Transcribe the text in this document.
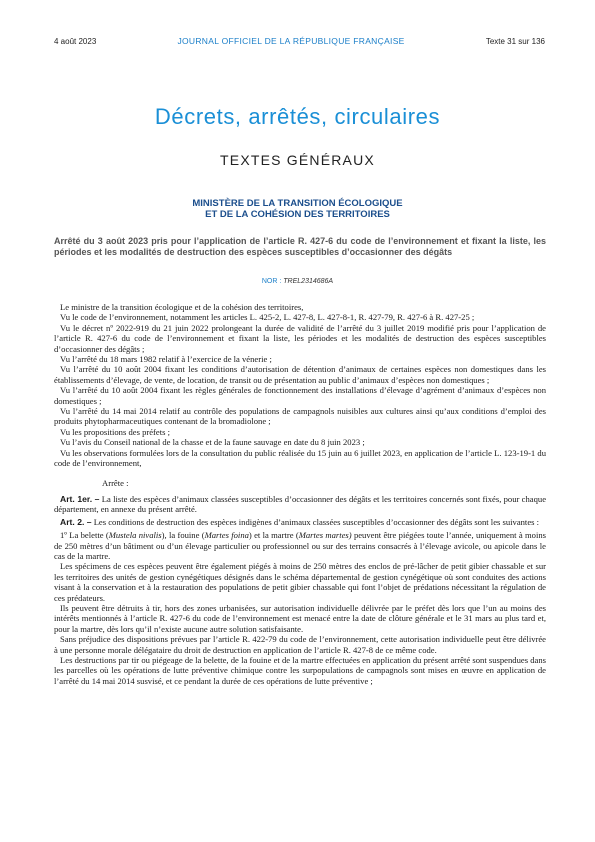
4 août 2023	JOURNAL OFFICIEL DE LA RÉPUBLIQUE FRANÇAISE	Texte 31 sur 136
Décrets, arrêtés, circulaires
TEXTES GÉNÉRAUX
MINISTÈRE DE LA TRANSITION ÉCOLOGIQUE
ET DE LA COHÉSION DES TERRITOIRES
Arrêté du 3 août 2023 pris pour l’application de l’article R. 427-6 du code de l’environnement et fixant la liste, les périodes et les modalités de destruction des espèces susceptibles d’occasionner des dégâts
NOR : TREL2314686A

Le ministre de la transition écologique et de la cohésion des territoires,

Vu le code de l’environnement, notamment les articles L. 425-2, L. 427-8, L. 427-8-1, R. 427-79, R. 427-6 à R. 427-25 ;

Vu le décret nº 2022-919 du 21 juin 2022 prolongeant la durée de validité de l’arrêté du 3 juillet 2019 modifié pris pour l’application de l’article R. 427-6 du code de l’environnement et fixant la liste, les périodes et les modalités de destruction des espèces susceptibles d’occasionner des dégâts ;

Vu l’arrêté du 18 mars 1982 relatif à l’exercice de la vénerie ;

Vu l’arrêté du 10 août 2004 fixant les conditions d’autorisation de détention d’animaux de certaines espèces non domestiques dans les établissements d’élevage, de vente, de location, de transit ou de présentation au public d’animaux d’espèces non domestiques ;

Vu l’arrêté du 10 août 2004 fixant les règles générales de fonctionnement des installations d’élevage d’agrément d’animaux d’espèces non domestiques ;

Vu l’arrêté du 14 mai 2014 relatif au contrôle des populations de campagnols nuisibles aux cultures ainsi qu’aux conditions d’emploi des produits phytopharmaceutiques contenant de la bromadiolone ;

Vu les propositions des préfets ;

Vu l’avis du Conseil national de la chasse et de la faune sauvage en date du 8 juin 2023 ;

Vu les observations formulées lors de la consultation du public réalisée du 15 juin au 6 juillet 2023, en application de l’article L. 123-19-1 du code de l’environnement,

Arrête :

Art. 1er. – La liste des espèces d’animaux classées susceptibles d’occasionner des dégâts et les territoires concernés sont fixés, pour chaque département, en annexe du présent arrêté.

Art. 2. – Les conditions de destruction des espèces indigènes d’animaux classées susceptibles d’occasionner des dégâts sont les suivantes :

1º La belette (Mustela nivalis), la fouine (Martes foina) et la martre (Martes martes) peuvent être piégées toute l’année, uniquement à moins de 250 mètres d’un bâtiment ou d’un élevage particulier ou professionnel ou sur des terrains consacrés à l’élevage avicole, ou apicole dans le cas de la martre.

Les spécimens de ces espèces peuvent être également piégés à moins de 250 mètres des enclos de pré-lâcher de petit gibier chassable et sur les territoires des unités de gestion cynégétiques désignés dans le schéma départemental de gestion cynégétique où sont conduites des actions visant à la conservation et à la restauration des populations de petit gibier chassable qui font l’objet de prédations nécessitant la régulation de ces prédateurs.

Ils peuvent être détruits à tir, hors des zones urbanisées, sur autorisation individuelle délivrée par le préfet dès lors que l’un au moins des intérêts mentionnés à l’article R. 427-6 du code de l’environnement est menacé entre la date de clôture générale et le 31 mars au plus tard et, pour la martre, dès lors qu’il n’existe aucune autre solution satisfaisante.

Sans préjudice des dispositions prévues par l’article R. 422-79 du code de l’environnement, cette autorisation individuelle peut être délivrée à une personne morale délégataire du droit de destruction en application de l’article R. 427-8 de ce même code.

Les destructions par tir ou piégeage de la belette, de la fouine et de la martre effectuées en application du présent arrêté sont suspendues dans les parcelles où les opérations de lutte préventive chimique contre les surpopulations de campagnols sont mises en œuvre en application de l’arrêté du 14 mai 2014 susvisé, et ce pendant la durée de ces opérations de lutte préventive ;
